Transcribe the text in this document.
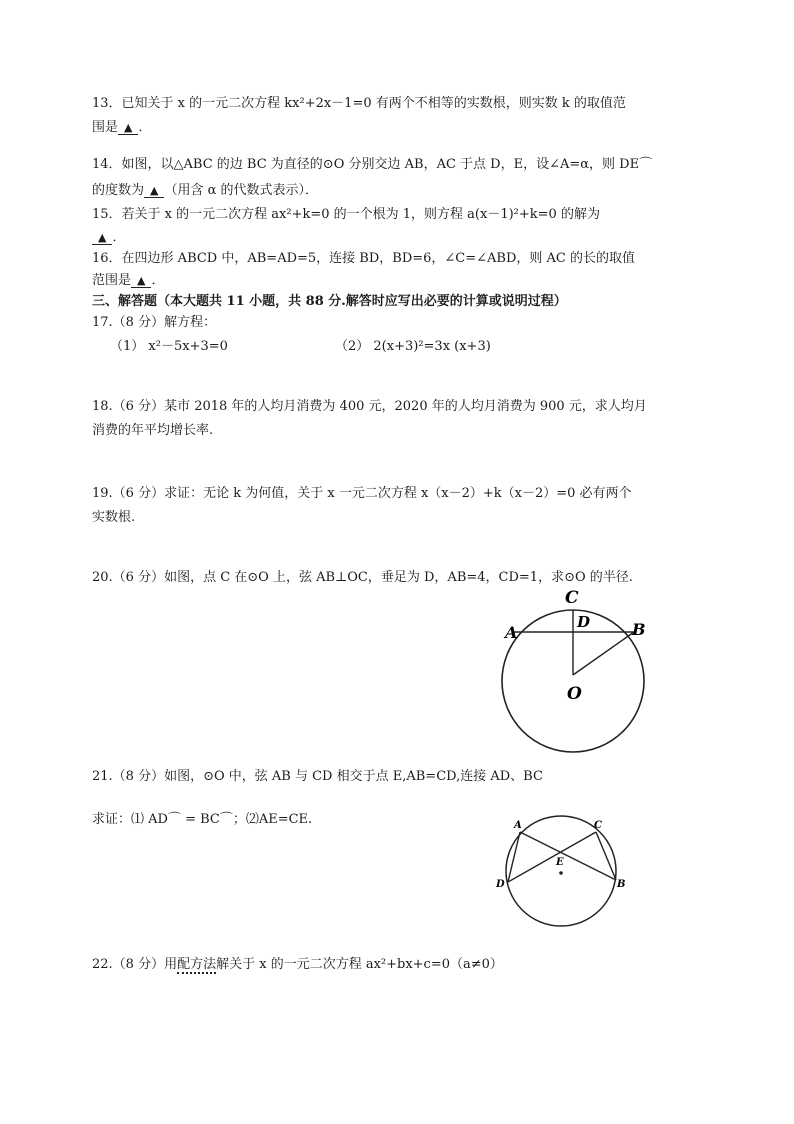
13．已知关于 x 的一元二次方程 kx²+2x－1=0 有两个不相等的实数根，则实数 k 的取值范
围是 ▲ ．
14．如图，以△ABC 的边 BC 为直径的⊙O 分别交边 AB，AC 于点 D，E，设∠A=α，则 DE⌒
的度数为 ▲ （用含 α 的代数式表示）．
15．若关于 x 的一元二次方程 ax²+k=0 的一个根为 1，则方程 a(x－1)²+k=0 的解为
▲ ．
16．在四边形 ABCD 中，AB=AD=5，连接 BD，BD=6，∠C=∠ABD，则 AC 的长的取值
范围是 ▲ ．
三、解答题（本大题共 11 小题，共 88 分.解答时应写出必要的计算或说明过程）
17.（8 分）解方程：
（1） x²－5x+3=0	（2） 2(x+3)²=3x (x+3)
18.（6 分）某市 2018 年的人均月消费为 400 元，2020 年的人均月消费为 900 元，求人均月
消费的年平均增长率.
19.（6 分）求证：无论 k 为何值，关于 x 一元二次方程 x（x－2）+k（x－2）=0 必有两个
实数根.
20.（6 分）如图，点 C 在⊙O 上，弦 AB⊥OC，垂足为 D，AB=4，CD=1，求⊙O 的半径.
C
D
A	B
O
21.（8 分）如图，⊙O 中，弦 AB 与 CD 相交于点 E,AB=CD,连接 AD、BC
求证：⑴ AD⌒ = BC⌒；⑵AE=CE.	A	C
E
D	B
22.（8 分）用配方法解关于 x 的一元二次方程 ax²+bx+c=0（a≠0）
